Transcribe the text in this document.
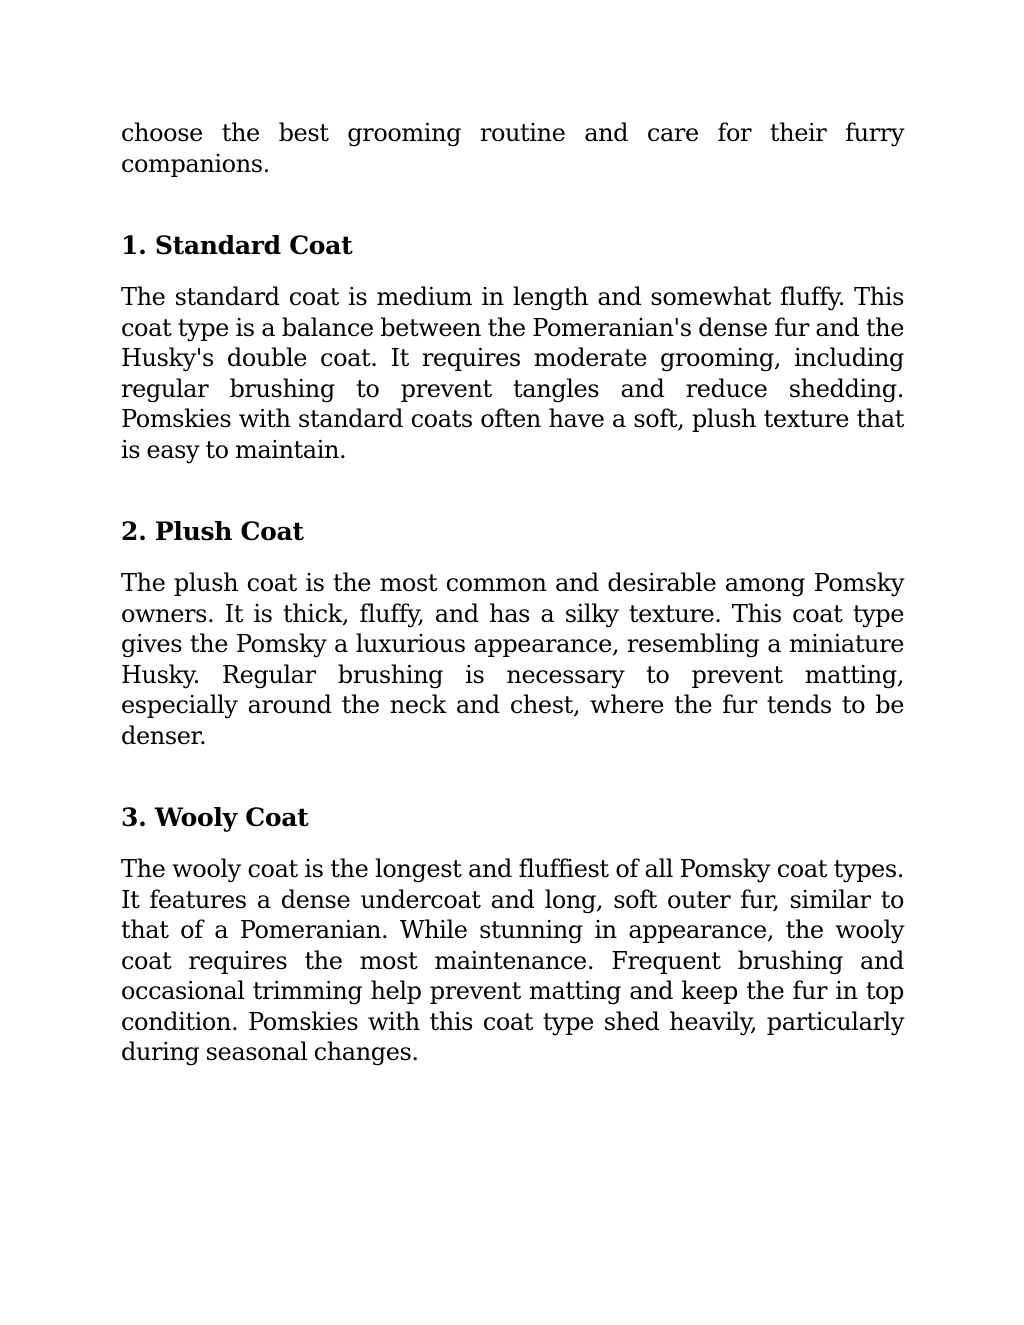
choose the best grooming routine and care for their furry companions.

1. Standard Coat

The standard coat is medium in length and somewhat fluffy. This coat type is a balance between the Pomeranian's dense fur and the Husky's double coat. It requires moderate grooming, including regular brushing to prevent tangles and reduce shedding. Pomskies with standard coats often have a soft, plush texture that is easy to maintain.

2. Plush Coat

The plush coat is the most common and desirable among Pomsky owners. It is thick, fluffy, and has a silky texture. This coat type gives the Pomsky a luxurious appearance, resembling a miniature Husky. Regular brushing is necessary to prevent matting, especially around the neck and chest, where the fur tends to be denser.

3. Wooly Coat

The wooly coat is the longest and fluffiest of all Pomsky coat types. It features a dense undercoat and long, soft outer fur, similar to that of a Pomeranian. While stunning in appearance, the wooly coat requires the most maintenance. Frequent brushing and occasional trimming help prevent matting and keep the fur in top condition. Pomskies with this coat type shed heavily, particularly during seasonal changes.
